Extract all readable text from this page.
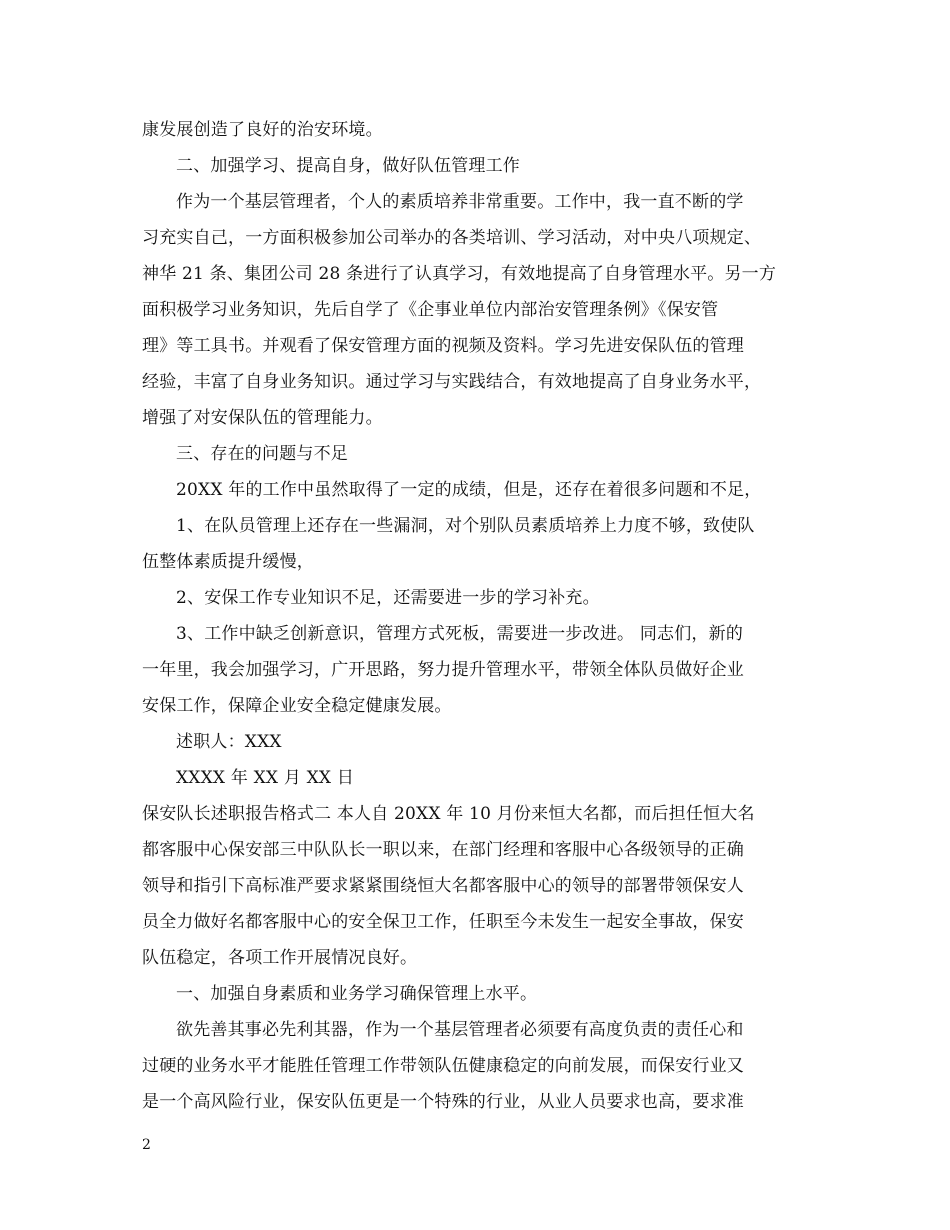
康发展创造了良好的治安环境。
二、加强学习、提高自身，做好队伍管理工作
作为一个基层管理者，个人的素质培养非常重要。工作中，我一直不断的学
习充实自己，一方面积极参加公司举办的各类培训、学习活动，对中央八项规定、
神华 21 条、集团公司 28 条进行了认真学习，有效地提高了自身管理水平。另一方
面积极学习业务知识，先后自学了《企事业单位内部治安管理条例》《保安管
理》等工具书。并观看了保安管理方面的视频及资料。学习先进安保队伍的管理
经验，丰富了自身业务知识。通过学习与实践结合，有效地提高了自身业务水平，
增强了对安保队伍的管理能力。
三、存在的问题与不足
20XX 年的工作中虽然取得了一定的成绩，但是，还存在着很多问题和不足，
1、在队员管理上还存在一些漏洞，对个别队员素质培养上力度不够，致使队
伍整体素质提升缓慢，
2、安保工作专业知识不足，还需要进一步的学习补充。
3、工作中缺乏创新意识，管理方式死板，需要进一步改进。 同志们，新的
一年里，我会加强学习，广开思路，努力提升管理水平，带领全体队员做好企业
安保工作，保障企业安全稳定健康发展。
述职人：XXX
XXXX 年 XX 月 XX 日
保安队长述职报告格式二 本人自 20XX 年 10 月份来恒大名都，而后担任恒大名
都客服中心保安部三中队队长一职以来，在部门经理和客服中心各级领导的正确
领导和指引下高标准严要求紧紧围绕恒大名都客服中心的领导的部署带领保安人
员全力做好名都客服中心的安全保卫工作，任职至今未发生一起安全事故，保安
队伍稳定，各项工作开展情况良好。
一、加强自身素质和业务学习确保管理上水平。
欲先善其事必先利其器，作为一个基层管理者必须要有高度负责的责任心和
过硬的业务水平才能胜任管理工作带领队伍健康稳定的向前发展，而保安行业又
是一个高风险行业，保安队伍更是一个特殊的行业，从业人员要求也高，要求准
2
